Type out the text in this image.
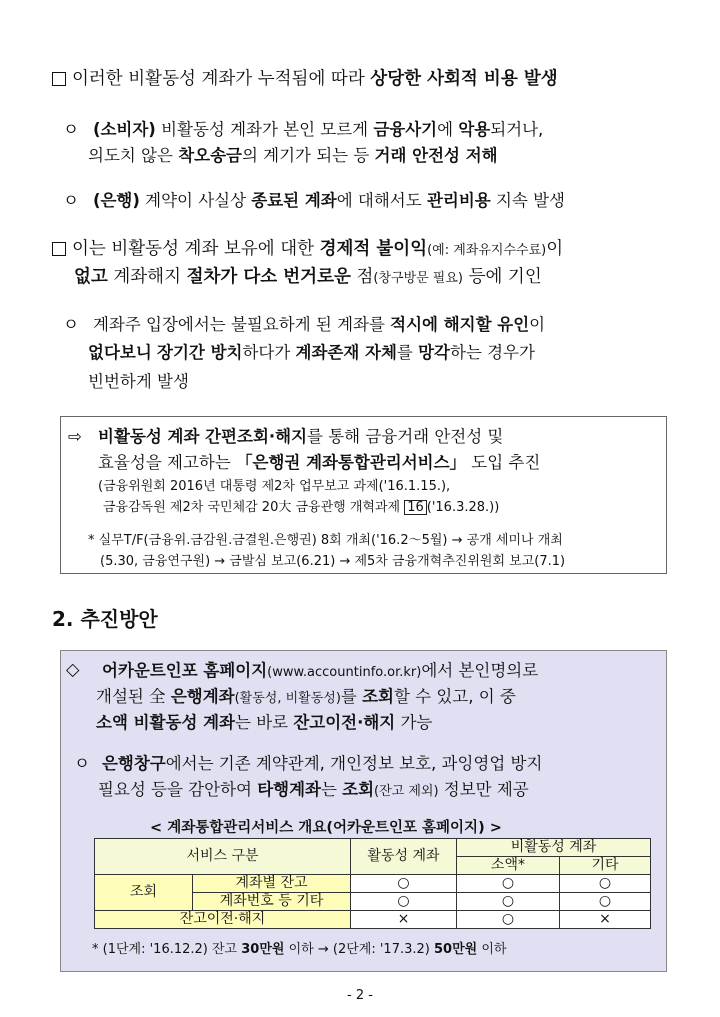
이러한 비활동성 계좌가 누적됨에 따라 상당한 사회적 비용 발생
ㅇ (소비자) 비활동성 계좌가 본인 모르게 금융사기에 악용되거나,
의도치 않은 착오송금의 계기가 되는 등 거래 안전성 저해
ㅇ (은행) 계약이 사실상 종료된 계좌에 대해서도 관리비용 지속 발생
이는 비활동성 계좌 보유에 대한 경제적 불이익(예: 계좌유지수수료)이
없고 계좌해지 절차가 다소 번거로운 점(창구방문 필요) 등에 기인
ㅇ 계좌주 입장에서는 불필요하게 된 계좌를 적시에 해지할 유인이
없다보니 장기간 방치하다가 계좌존재 자체를 망각하는 경우가
빈번하게 발생
⇨ 비활동성 계좌 간편조회·해지를 통해 금융거래 안전성 및
효율성을 제고하는 「은행권 계좌통합관리서비스」 도입 추진
(금융위원회 2016년 대통령 제2차 업무보고 과제('16.1.15.),
금융감독원 제2차 국민체감 20大 금융관행 개혁과제 16 ('16.3.28.))
* 실무T/F(금융위.금감원.금결원.은행권) 8회 개최('16.2～5월) → 공개 세미나 개최
(5.30, 금융연구원) → 금발심 보고(6.21) → 제5차 금융개혁추진위원회 보고(7.1)
2. 추진방안
◇ 어카운트인포 홈페이지(www.accountinfo.or.kr)에서 본인명의로
개설된 全 은행계좌(활동성, 비활동성)를 조회할 수 있고, 이 중
소액 비활동성 계좌는 바로 잔고이전·해지 가능
ㅇ 은행창구에서는 기존 계약관계, 개인정보 보호, 과잉영업 방지
필요성 등을 감안하여 타행계좌는 조회(잔고 제외) 정보만 제공
< 계좌통합관리서비스 개요(어카운트인포 홈페이지) >
서비스 구분		활동성 계좌	비활동성 계좌	
			소액*	기타
조회	계좌별 잔고	○	○	○
	계좌번호 등 기타	○	○	○
잔고이전·해지		×	○	×
* (1단계: '16.12.2) 잔고 30만원 이하 → (2단계: '17.3.2) 50만원 이하
- 2 -
